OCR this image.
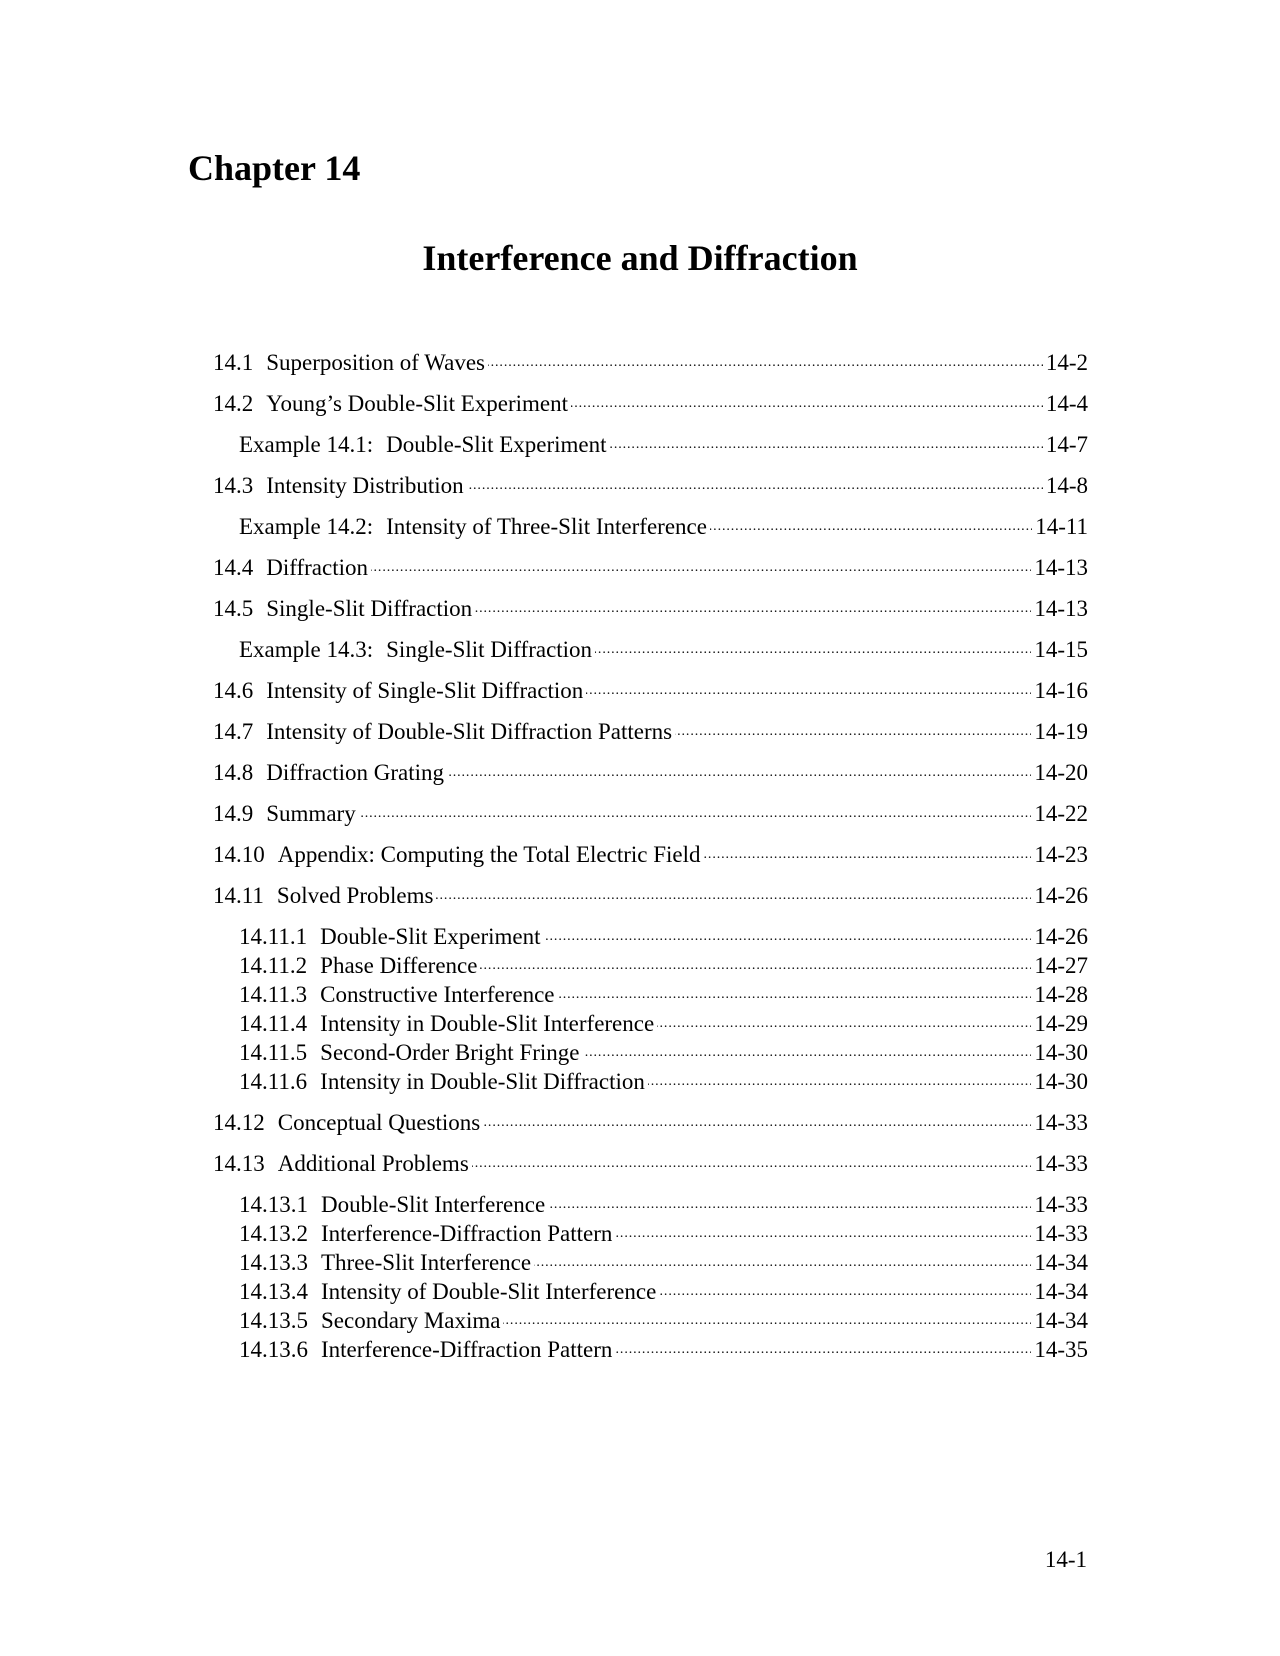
Chapter 14
Interference and Diffraction
14.1 Superposition of Waves . . .	14-2
14.2 Young’s Double-Slit Experiment . . .	14-4
Example 14.1: Double-Slit Experiment . . .	14-7
14.3 Intensity Distribution . . .	14-8
Example 14.2: Intensity of Three-Slit Interference . . .	14-11
14.4 Diffraction . . .	14-13
14.5 Single-Slit Diffraction . . .	14-13
Example 14.3: Single-Slit Diffraction . . .	14-15
14.6 Intensity of Single-Slit Diffraction . . .	14-16
14.7 Intensity of Double-Slit Diffraction Patterns . . .	14-19
14.8 Diffraction Grating . . .	14-20
14.9 Summary . . .	14-22
14.10 Appendix: Computing the Total Electric Field . . .	14-23
14.11 Solved Problems . . .	14-26
14.11.1 Double-Slit Experiment . . .	14-26
14.11.2 Phase Difference . . .	14-27
14.11.3 Constructive Interference . . .	14-28
14.11.4 Intensity in Double-Slit Interference . . .	14-29
14.11.5 Second-Order Bright Fringe . . .	14-30
14.11.6 Intensity in Double-Slit Diffraction . . .	14-30
14.12 Conceptual Questions . . .	14-33
14.13 Additional Problems . . .	14-33
14.13.1 Double-Slit Interference . . .	14-33
14.13.2 Interference-Diffraction Pattern . . .	14-33
14.13.3 Three-Slit Interference . . .	14-34
14.13.4 Intensity of Double-Slit Interference . . .	14-34
14.13.5 Secondary Maxima . . .	14-34
14.13.6 Interference-Diffraction Pattern . . .	14-35
14-1
